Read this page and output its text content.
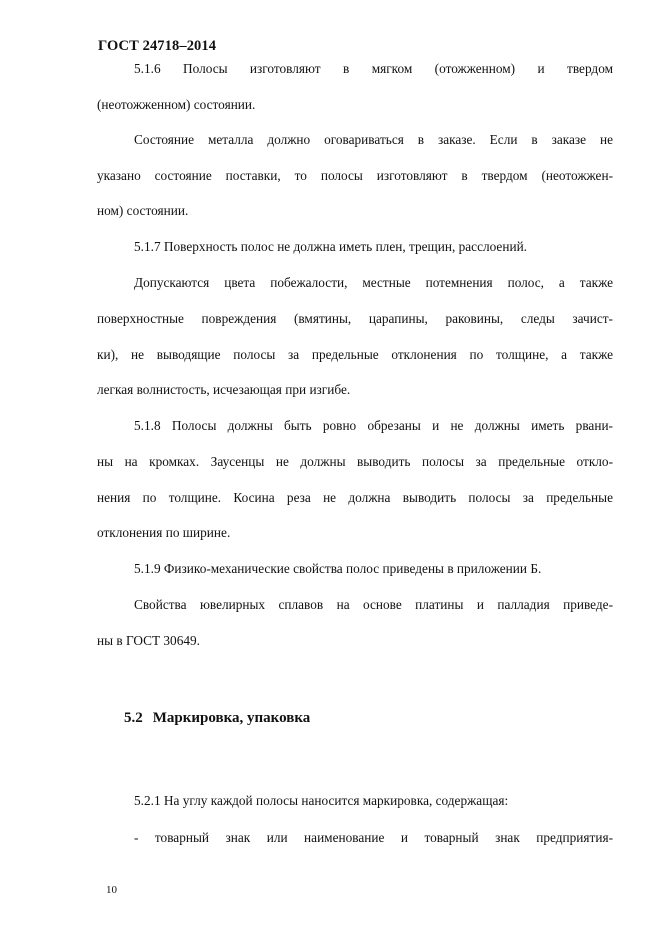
ГОСТ 24718–2014
5.1.6 Полосы изготовляют в мягком (отожженном) и твердом
(неотожженном) состоянии.
Состояние металла должно оговариваться в заказе. Если в заказе не
указано состояние поставки, то полосы изготовляют в твердом (неотожжен-
ном) состоянии.
5.1.7 Поверхность полос не должна иметь плен, трещин, расслоений.
Допускаются цвета побежалости, местные потемнения полос, а также
поверхностные повреждения (вмятины, царапины, раковины, следы зачист-
ки), не выводящие полосы за предельные отклонения по толщине, а также
легкая волнистость, исчезающая при изгибе.
5.1.8 Полосы должны быть ровно обрезаны и не должны иметь рвани-
ны на кромках. Заусенцы не должны выводить полосы за предельные откло-
нения по толщине. Косина реза не должна выводить полосы за предельные
отклонения по ширине.
5.1.9 Физико-механические свойства полос приведены в приложении Б.
Свойства ювелирных сплавов на основе платины и палладия приведе-
ны в ГОСТ 30649.
5.2 Маркировка, упаковка
5.2.1 На углу каждой полосы наносится маркировка, содержащая:
- товарный знак или наименование и товарный знак предприятия-
10
